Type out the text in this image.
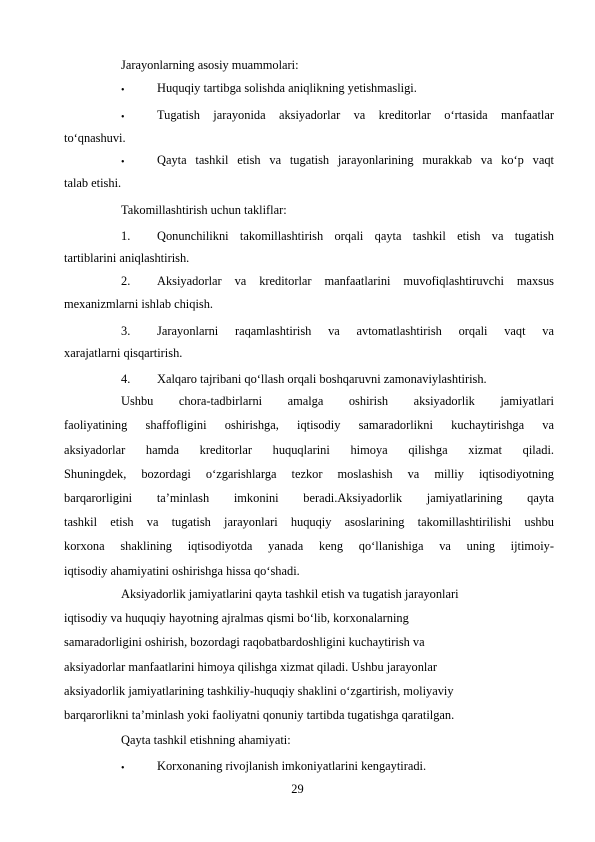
Jarayonlarning asosiy muammolari:
•	Huquqiy tartibga solishda aniqlikning yetishmasligi.
•	Tugatish jarayonida aksiyadorlar va kreditorlar o‘rtasida manfaatlar
to‘qnashuvi.
•	Qayta tashkil etish va tugatish jarayonlarining murakkab va ko‘p vaqt
talab etishi.
Takomillashtirish uchun takliflar:
1. Qonunchilikni takomillashtirish orqali qayta tashkil etish va tugatish
tartiblarini aniqlashtirish.
2. Aksiyadorlar va kreditorlar manfaatlarini muvofiqlashtiruvchi maxsus
mexanizmlarni ishlab chiqish.
3. Jarayonlarni raqamlashtirish va avtomatlashtirish orqali vaqt va
xarajatlarni qisqartirish.
4. Xalqaro tajribani qo‘llash orqali boshqaruvni zamonaviylashtirish.
Ushbu chora-tadbirlarni amalga oshirish aksiyadorlik jamiyatlari
faoliyatining shaffofligini oshirishga, iqtisodiy samaradorlikni kuchaytirishga va
aksiyadorlar hamda kreditorlar huquqlarini himoya qilishga xizmat qiladi.
Shuningdek, bozordagi o‘zgarishlarga tezkor moslashish va milliy iqtisodiyotning
barqarorligini ta’minlash imkonini beradi.Aksiyadorlik jamiyatlarining qayta
tashkil etish va tugatish jarayonlari huquqiy asoslarining takomillashtirilishi ushbu
korxona shaklining iqtisodiyotda yanada keng qo‘llanishiga va uning ijtimoiy-
iqtisodiy ahamiyatini oshirishga hissa qo‘shadi.
Aksiyadorlik jamiyatlarini qayta tashkil etish va tugatish jarayonlari
iqtisodiy va huquqiy hayotning ajralmas qismi bo‘lib, korxonalarning
samaradorligini oshirish, bozordagi raqobatbardoshligini kuchaytirish va
aksiyadorlar manfaatlarini himoya qilishga xizmat qiladi. Ushbu jarayonlar
aksiyadorlik jamiyatlarining tashkiliy-huquqiy shaklini o‘zgartirish, moliyaviy
barqarorlikni ta’minlash yoki faoliyatni qonuniy tartibda tugatishga qaratilgan.
Qayta tashkil etishning ahamiyati:
•	Korxonaning rivojlanish imkoniyatlarini kengaytiradi.
29
